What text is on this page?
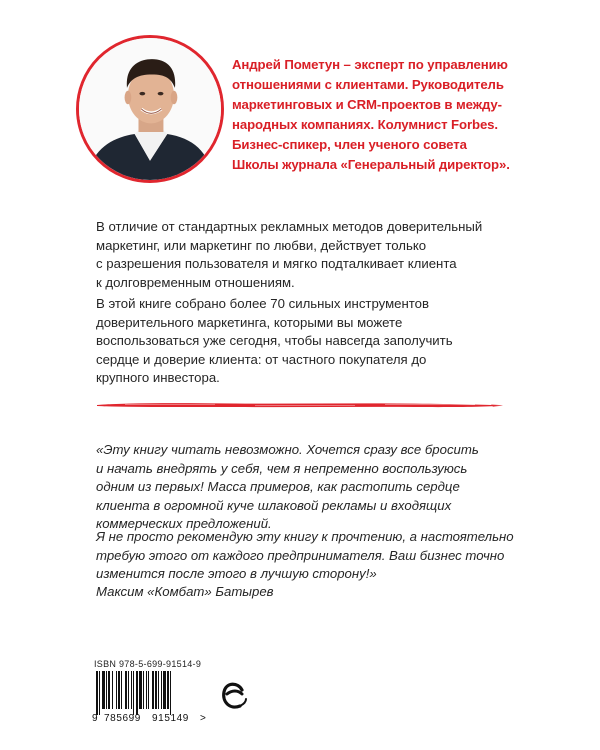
Андрей Пометун – эксперт по управлению
отношениями с клиентами. Руководитель
маркетинговых и CRM-проектов в между-
народных компаниях. Колумнист Forbes.
Бизнес-спикер, член ученого совета
Школы журнала «Генеральный директор».

В отличие от стандартных рекламных методов доверительный
маркетинг, или маркетинг по любви, действует только
с разрешения пользователя и мягко подталкивает клиента
к долговременным отношениям.

В этой книге собрано более 70 сильных инструментов
доверительного маркетинга, которыми вы можете
воспользоваться уже сегодня, чтобы навсегда заполучить
сердце и доверие клиента: от частного покупателя до
крупного инвестора.

«Эту книгу читать невозможно. Хочется сразу все бросить
и начать внедрять у себя, чем я непременно воспользуюсь
одним из первых! Масса примеров, как растопить сердце
клиента в огромной куче шлаковой рекламы и входящих
коммерческих предложений.

Я не просто рекомендую эту книгу к прочтению, а настоятельно
требую этого от каждого предпринимателя. Ваш бизнес точно
изменится после этого в лучшую сторону!»

Максим «Комбат» Батырев

ISBN 978-5-699-91514-9

9 785699 915149 >
